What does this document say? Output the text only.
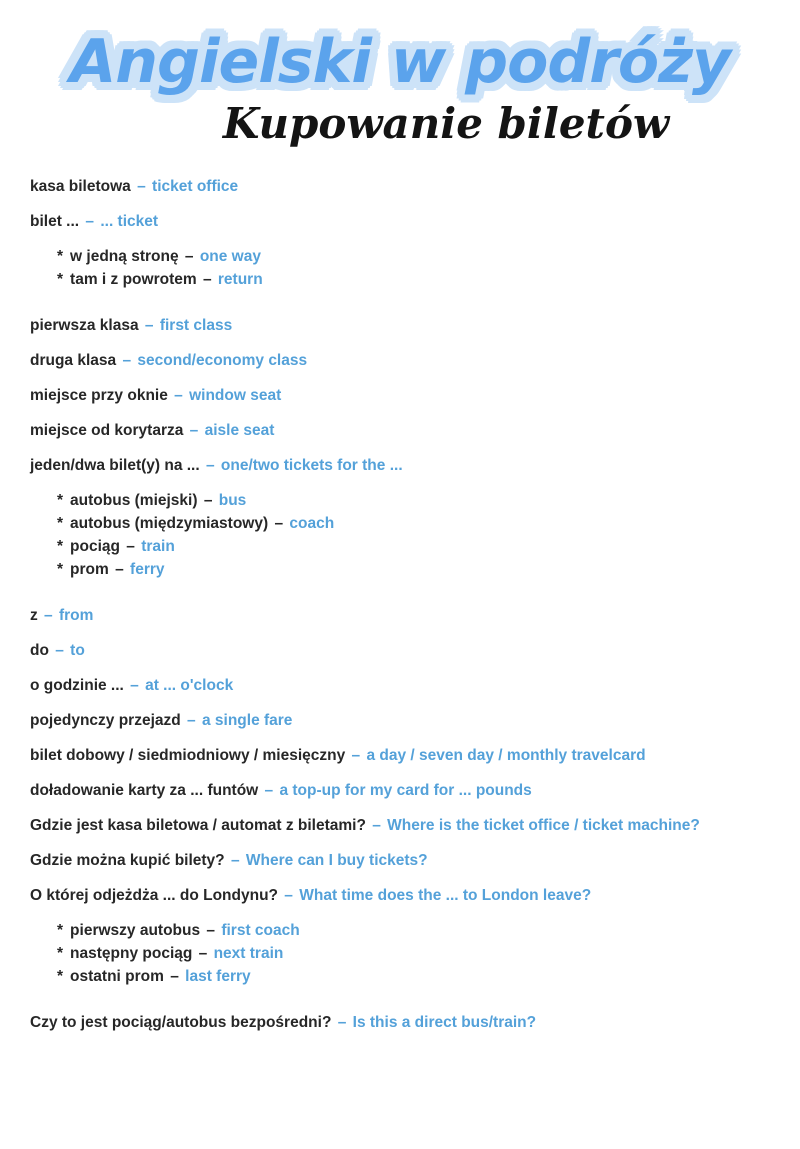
Angielski w podróży
Kupowanie biletów
kasa biletowa – ticket office
bilet ... – ... ticket
* w jedną stronę – one way
* tam i z powrotem – return
pierwsza klasa – first class
druga klasa – second/economy class
miejsce przy oknie – window seat
miejsce od korytarza – aisle seat
jeden/dwa bilet(y) na ... – one/two tickets for the ...
* autobus (miejski) – bus
* autobus (międzymiastowy) – coach
* pociąg – train
* prom – ferry
z – from
do – to
o godzinie ... – at ... o'clock
pojedynczy przejazd – a single fare
bilet dobowy / siedmiodniowy / miesięczny – a day / seven day / monthly travelcard
doładowanie karty za ... funtów – a top-up for my card for ... pounds
Gdzie jest kasa biletowa / automat z biletami? – Where is the ticket office / ticket machine?
Gdzie można kupić bilety? – Where can I buy tickets?
O której odjeżdża ... do Londynu? – What time does the ... to London leave?
* pierwszy autobus – first coach
* następny pociąg – next train
* ostatni prom – last ferry
Czy to jest pociąg/autobus bezpośredni? – Is this a direct bus/train?
